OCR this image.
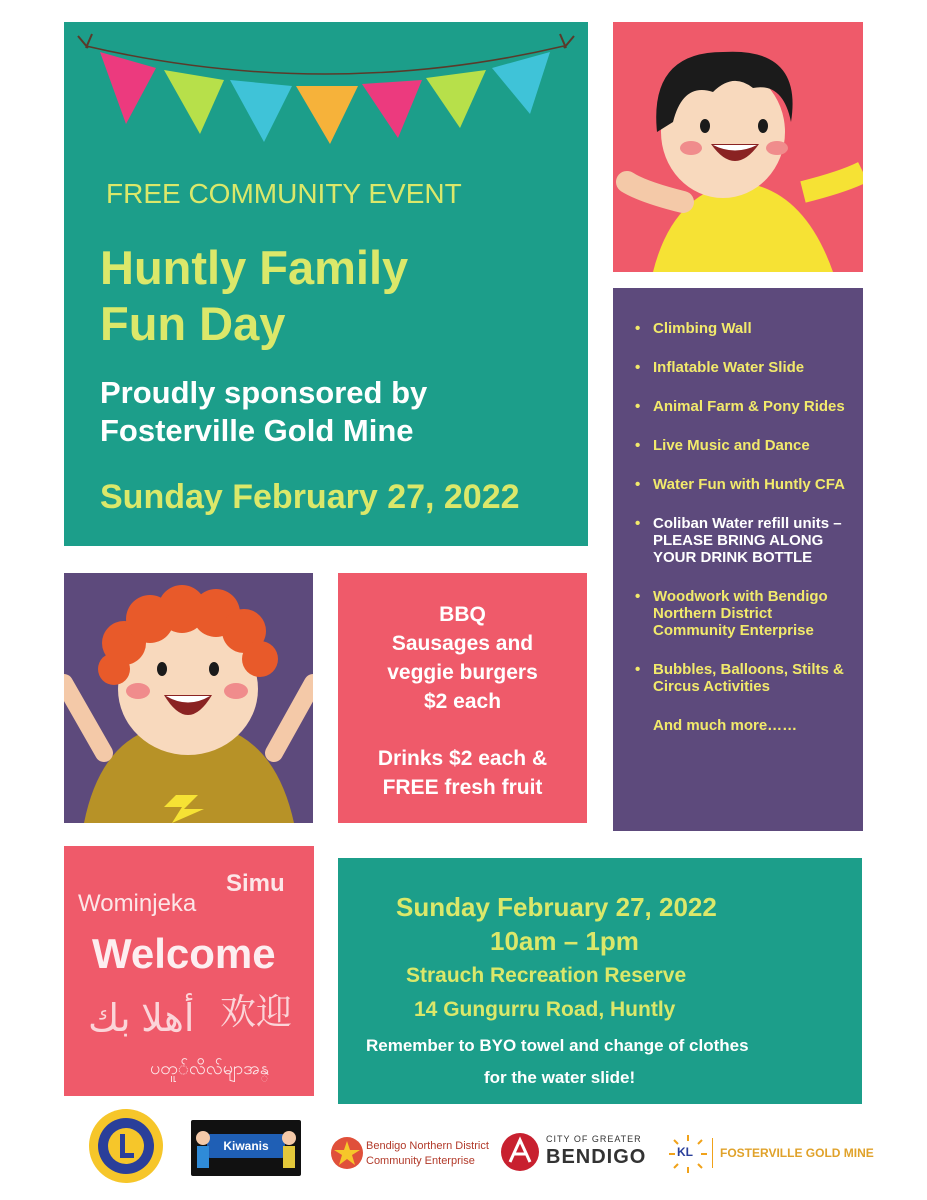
FREE COMMUNITY EVENT
Huntly Family
Fun Day
Proudly sponsored by
Fosterville Gold Mine
Sunday February 27, 2022
• Climbing Wall
• Inflatable Water Slide
• Animal Farm & Pony Rides
• Live Music and Dance
• Water Fun with Huntly CFA
• Coliban Water refill units – PLEASE BRING ALONG YOUR DRINK BOTTLE
• Woodwork with Bendigo Northern District Community Enterprise
• Bubbles, Balloons, Stilts & Circus Activities
And much more……
BBQ
Sausages and
veggie burgers
$2 each
Drinks $2 each &
FREE fresh fruit
Simu
Wominjeka
Welcome
أهلا بك 欢迎
ပတူ်လိလ်မျာအန္
Sunday February 27, 2022
10am – 1pm
Strauch Recreation Reserve
14 Gungurru Road, Huntly
Remember to BYO towel and change of clothes
for the water slide!
Kiwanis	Bendigo Northern District
Community Enterprise
CITY OF GREATER
BENDIGO	KL FOSTERVILLE GOLD MINE
